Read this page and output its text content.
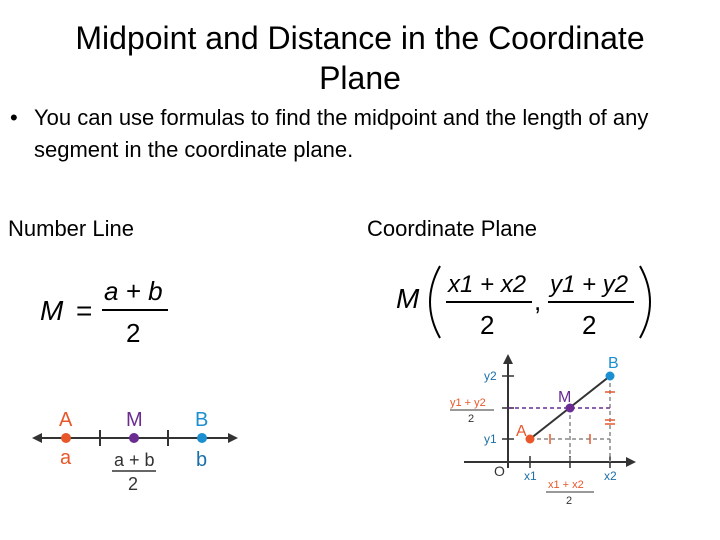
Midpoint and Distance in the Coordinate
Plane
• You can use formulas to find the midpoint and the length of any segment in the coordinate plane.
Number Line	Coordinate Plane
M =
a + b
2
A	M	B
a	b
a + b
2
M x1 + x2
2
,
y1 + y2
2
A
M
B
O
y2
y1 + y2
2
y1
x1
x1 + x2
2
x2
